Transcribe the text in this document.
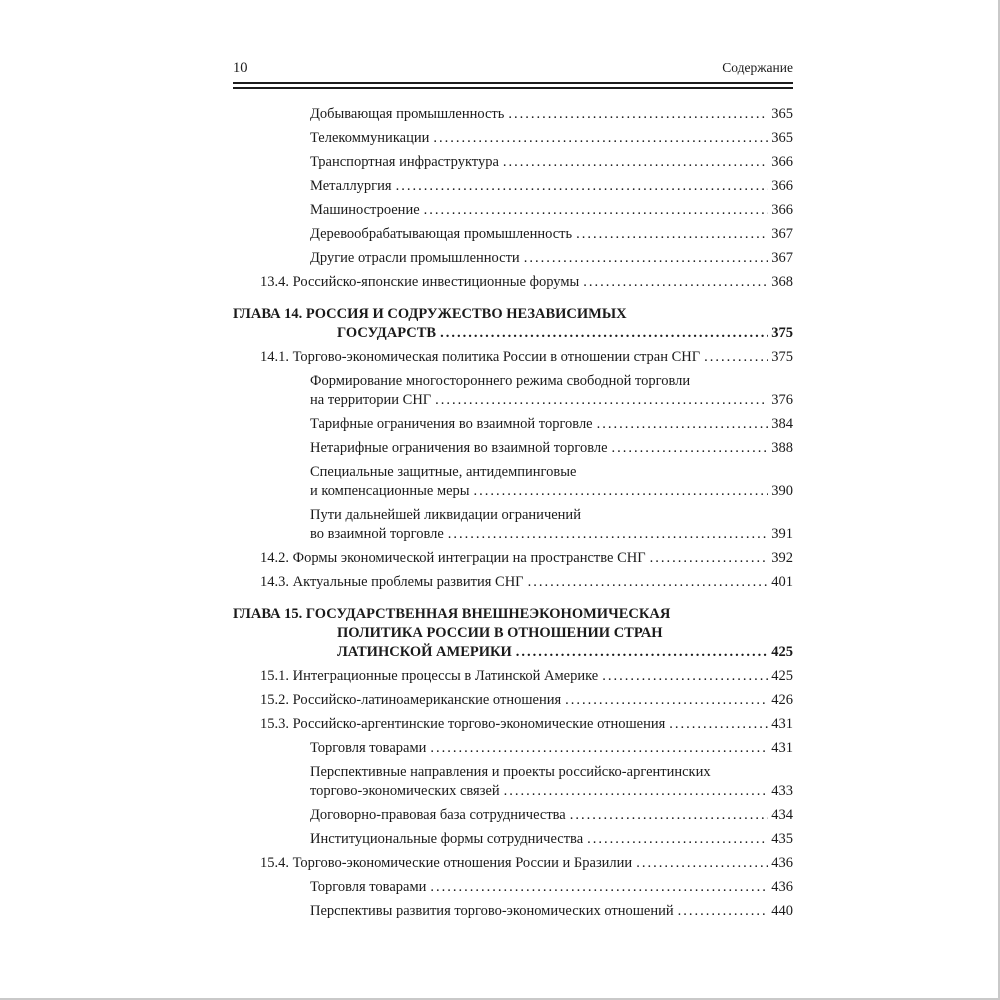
10	Содержание
Добывающая промышленность .....	365
Телекоммуникации .....	365
Транспортная инфраструктура .....	366
Металлургия .....	366
Машиностроение .....	366
Деревообрабатывающая промышленность .....	367
Другие отрасли промышленности .....	367
13.4. Российско-японские инвестиционные форумы .....	368
ГЛАВА 14. РОССИЯ И СОДРУЖЕСТВО НЕЗАВИСИМЫХ
ГОСУДАРСТВ .....	375
14.1. Торгово-экономическая политика России в отношении стран СНГ .....	375
Формирование многостороннего режима свободной торговли
на территории СНГ .....	376
Тарифные ограничения во взаимной торговле .....	384
Нетарифные ограничения во взаимной торговле .....	388
Специальные защитные, антидемпинговые
и компенсационные меры .....	390
Пути дальнейшей ликвидации ограничений
во взаимной торговле .....	391
14.2. Формы экономической интеграции на пространстве СНГ .....	392
14.3. Актуальные проблемы развития СНГ .....	401
ГЛАВА 15. ГОСУДАРСТВЕННАЯ ВНЕШНЕЭКОНОМИЧЕСКАЯ
ПОЛИТИКА РОССИИ В ОТНОШЕНИИ СТРАН
ЛАТИНСКОЙ АМЕРИКИ .....	425
15.1. Интеграционные процессы в Латинской Америке .....	425
15.2. Российско-латиноамериканские отношения .....	426
15.3. Российско-аргентинские торгово-экономические отношения .....	431
Торговля товарами .....	431
Перспективные направления и проекты российско-аргентинских
торгово-экономических связей .....	433
Договорно-правовая база сотрудничества .....	434
Институциональные формы сотрудничества .....	435
15.4. Торгово-экономические отношения России и Бразилии .....	436
Торговля товарами .....	436
Перспективы развития торгово-экономических отношений .....	440
